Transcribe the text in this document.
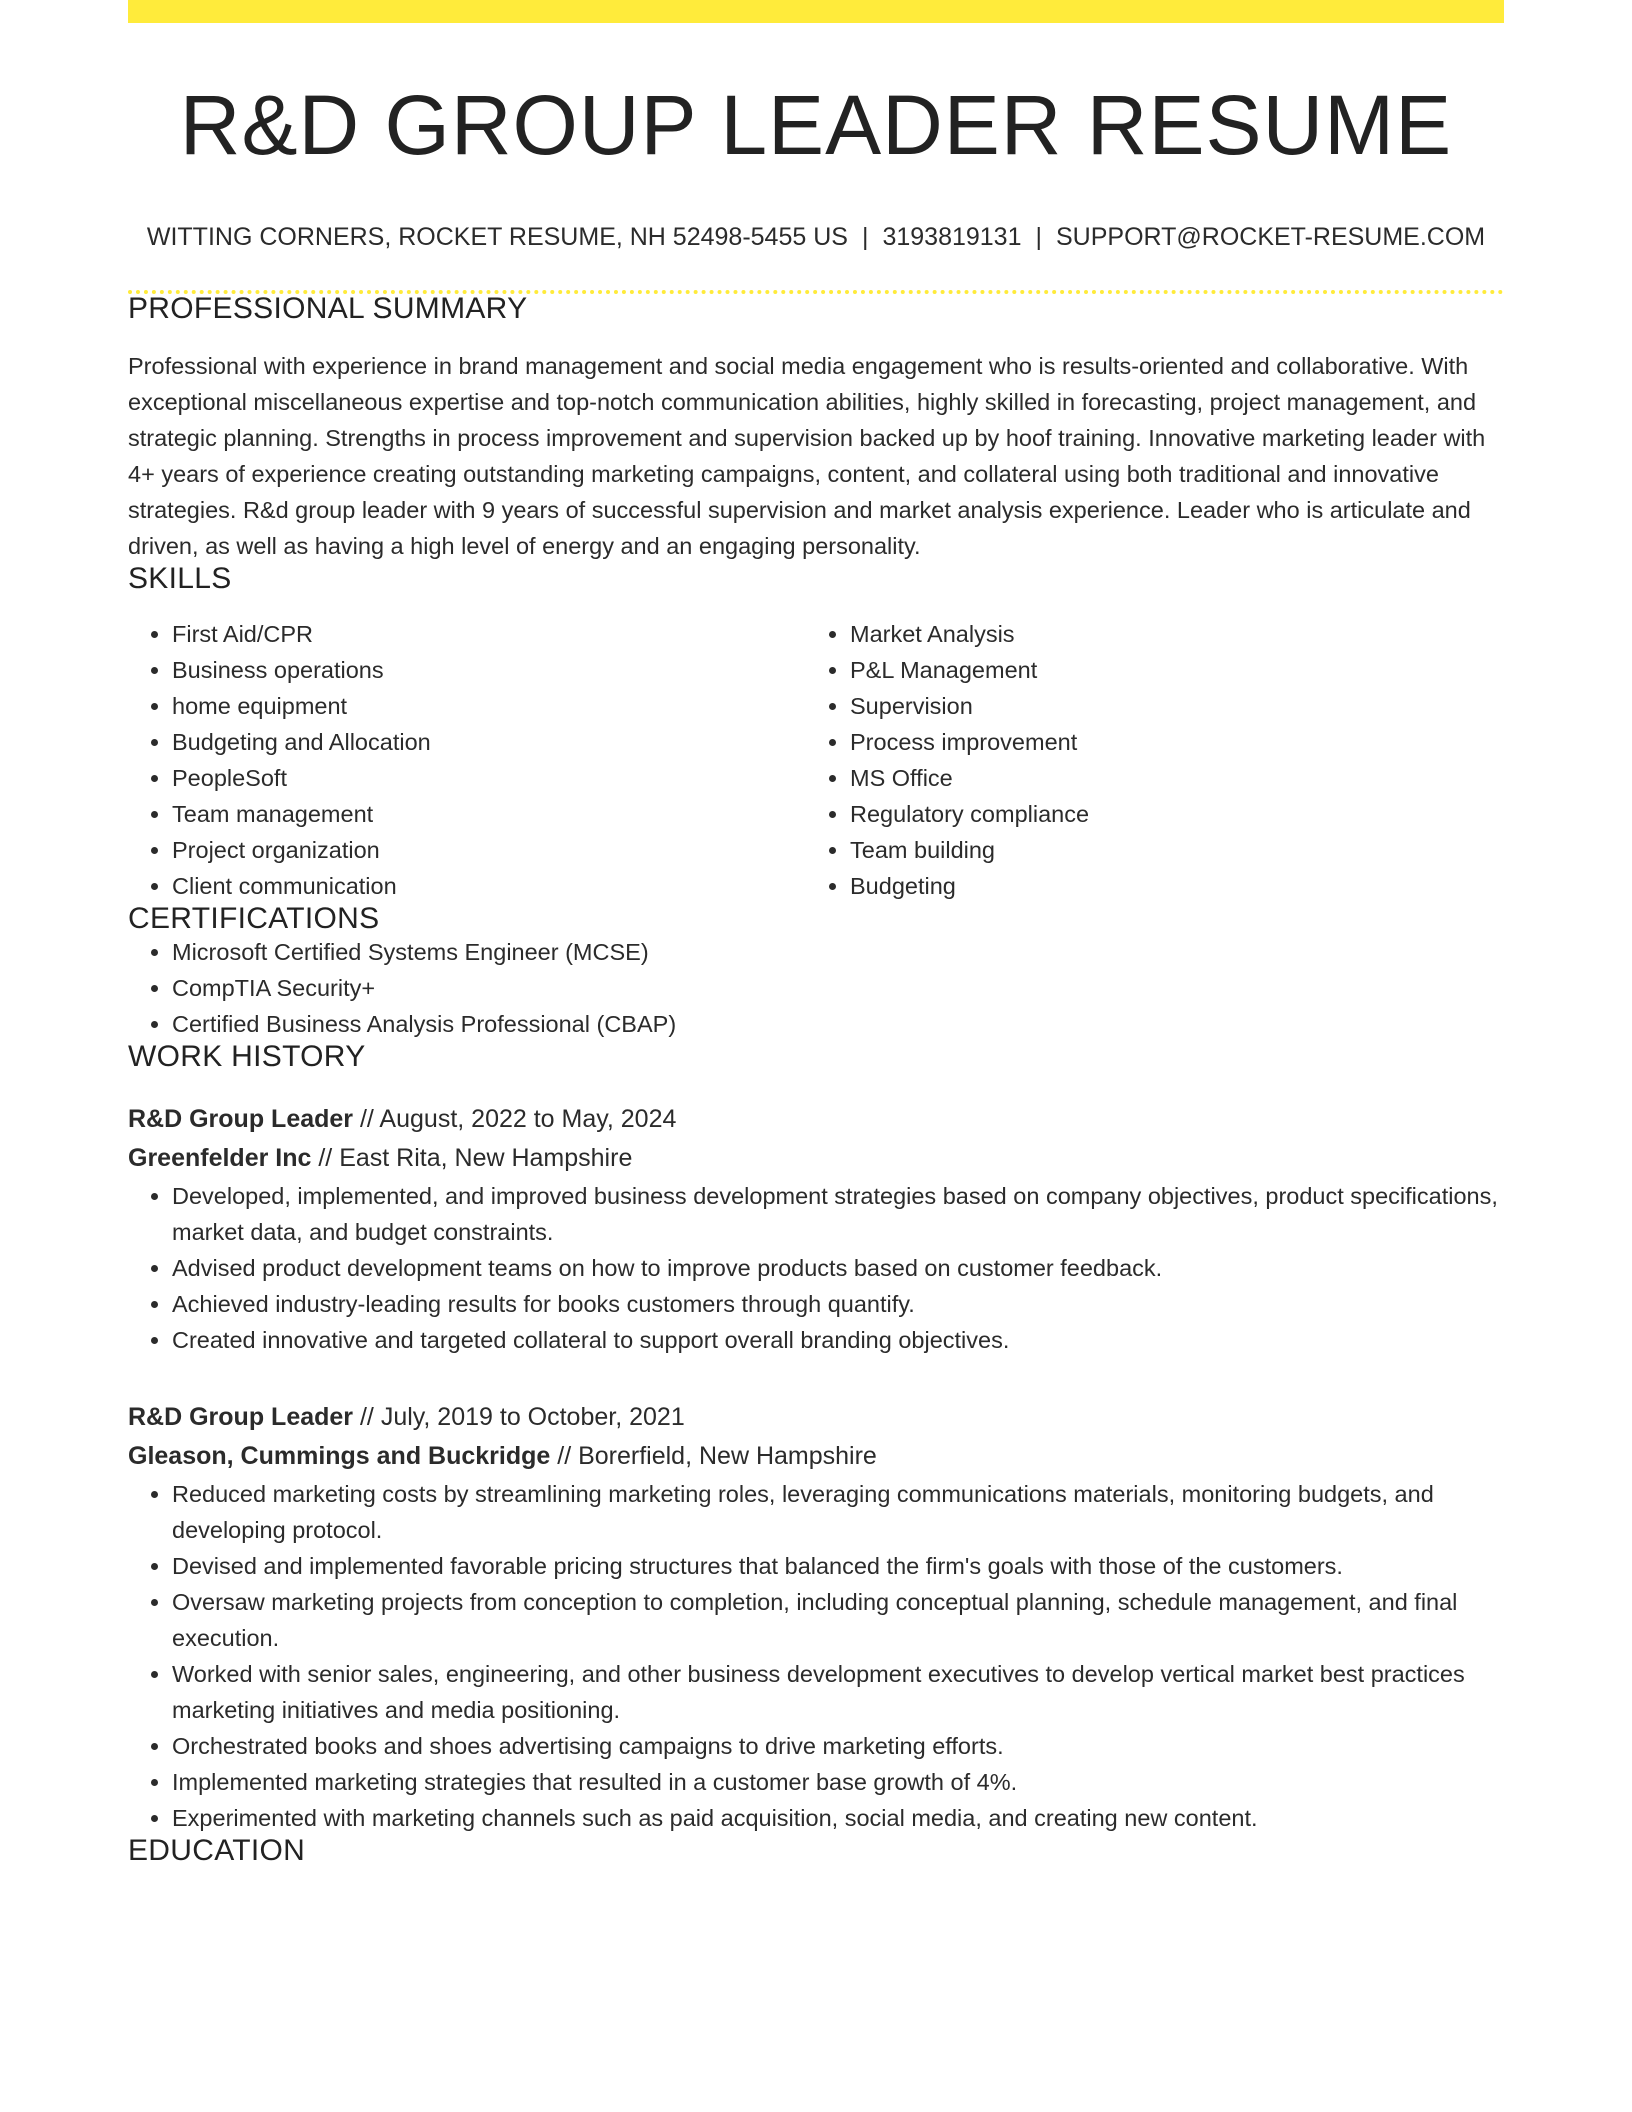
R&D GROUP LEADER RESUME
WITTING CORNERS, ROCKET RESUME, NH 52498-5455 US | 3193819131 | SUPPORT@ROCKET-RESUME.COM
PROFESSIONAL SUMMARY

Professional with experience in brand management and social media engagement who is results-oriented and collaborative. With exceptional miscellaneous expertise and top-notch communication abilities, highly skilled in forecasting, project management, and strategic planning. Strengths in process improvement and supervision backed up by hoof training. Innovative marketing leader with 4+ years of experience creating outstanding marketing campaigns, content, and collateral using both traditional and innovative strategies. R&d group leader with 9 years of successful supervision and market analysis experience. Leader who is articulate and driven, as well as having a high level of energy and an engaging personality.

SKILLS
• First Aid/CPR
• Business operations
• home equipment
• Budgeting and Allocation
• PeopleSoft
• Team management
• Project organization
• Client communication
• Market Analysis
• P&L Management
• Supervision
• Process improvement
• MS Office
• Regulatory compliance
• Team building
• Budgeting
CERTIFICATIONS
• Microsoft Certified Systems Engineer (MCSE)
• CompTIA Security+
• Certified Business Analysis Professional (CBAP)
WORK HISTORY
R&D Group Leader // August, 2022 to May, 2024
Greenfelder Inc // East Rita, New Hampshire
• Developed, implemented, and improved business development strategies based on company objectives, product specifications, market data, and budget constraints.
• Advised product development teams on how to improve products based on customer feedback.
• Achieved industry-leading results for books customers through quantify.
• Created innovative and targeted collateral to support overall branding objectives.
R&D Group Leader // July, 2019 to October, 2021
Gleason, Cummings and Buckridge // Borerfield, New Hampshire
• Reduced marketing costs by streamlining marketing roles, leveraging communications materials, monitoring budgets, and developing protocol.
• Devised and implemented favorable pricing structures that balanced the firm's goals with those of the customers.
• Oversaw marketing projects from conception to completion, including conceptual planning, schedule management, and final execution.
• Worked with senior sales, engineering, and other business development executives to develop vertical market best practices marketing initiatives and media positioning.
• Orchestrated books and shoes advertising campaigns to drive marketing efforts.
• Implemented marketing strategies that resulted in a customer base growth of 4%.
• Experimented with marketing channels such as paid acquisition, social media, and creating new content.
EDUCATION
